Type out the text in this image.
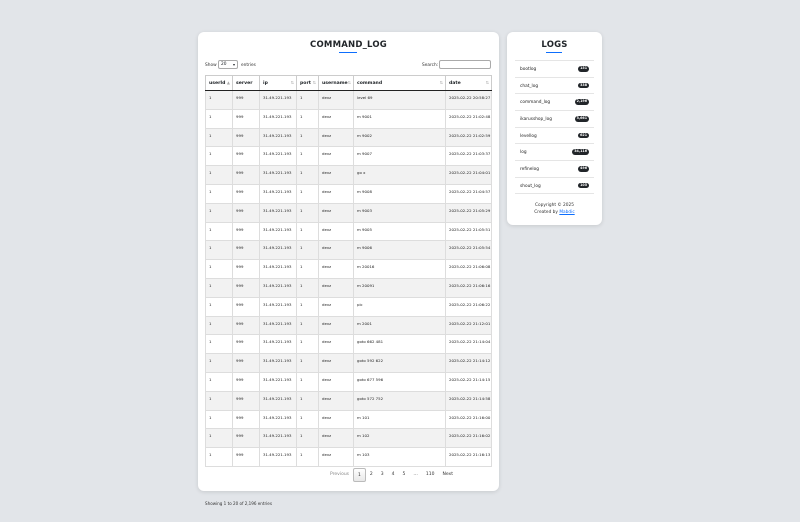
COMMAND_LOG
Show	20 ▾ entries	Search:
userId ▲	server	ip ⇅	port ⇅	username ⇅	command ⇅	date ⇅

1	999	31.49.221.193	1	devz	level 69	2025-02-22 20:58:27
1	999	31.49.221.193	1	devz	m 9001	2025-02-22 21:02:48
1	999	31.49.221.193	1	devz	m 9002	2025-02-22 21:02:59
1	999	31.49.221.193	1	devz	m 9007	2025-02-22 21:03:37
1	999	31.49.221.193	1	devz	go x	2025-02-22 21:04:01
1	999	31.49.221.193	1	devz	m 9008	2025-02-22 21:04:57
1	999	31.49.221.193	1	devz	m 9003	2025-02-22 21:05:29
1	999	31.49.221.193	1	devz	m 9005	2025-02-22 21:05:51
1	999	31.49.221.193	1	devz	m 9006	2025-02-22 21:05:54
1	999	31.49.221.193	1	devz	m 20016	2025-02-22 21:06:08
1	999	31.49.221.193	1	devz	m 20091	2025-02-22 21:06:16
1	999	31.49.221.193	1	devz	pic	2025-02-22 21:06:22
1	999	31.49.221.193	1	devz	m 2001	2025-02-22 21:12:01
1	999	31.49.221.193	1	devz	goto 662 481	2025-02-22 21:14:04
1	999	31.49.221.193	1	devz	goto 592 622	2025-02-22 21:14:12
1	999	31.49.221.193	1	devz	goto 677 596	2025-02-22 21:14:15
1	999	31.49.221.193	1	devz	goto 572 752	2025-02-22 21:14:58
1	999	31.49.221.193	1	devz	m 101	2025-02-22 21:16:00
1	999	31.49.221.193	1	devz	m 102	2025-02-22 21:16:02
1	999	31.49.221.193	1	devz	m 103	2025-02-22 21:16:13
Showing 1 to 20 of 2,196 entries
Previous	1	2	3	4	5	…	110	Next
LOGS
bootlog	151
chat_log	338
command_log	2,196
ikarusshop_log	5,661
levellog	621
log	34,116
refinelog	496
shout_log	105
Copyright © 2025
Created by Mabdic
